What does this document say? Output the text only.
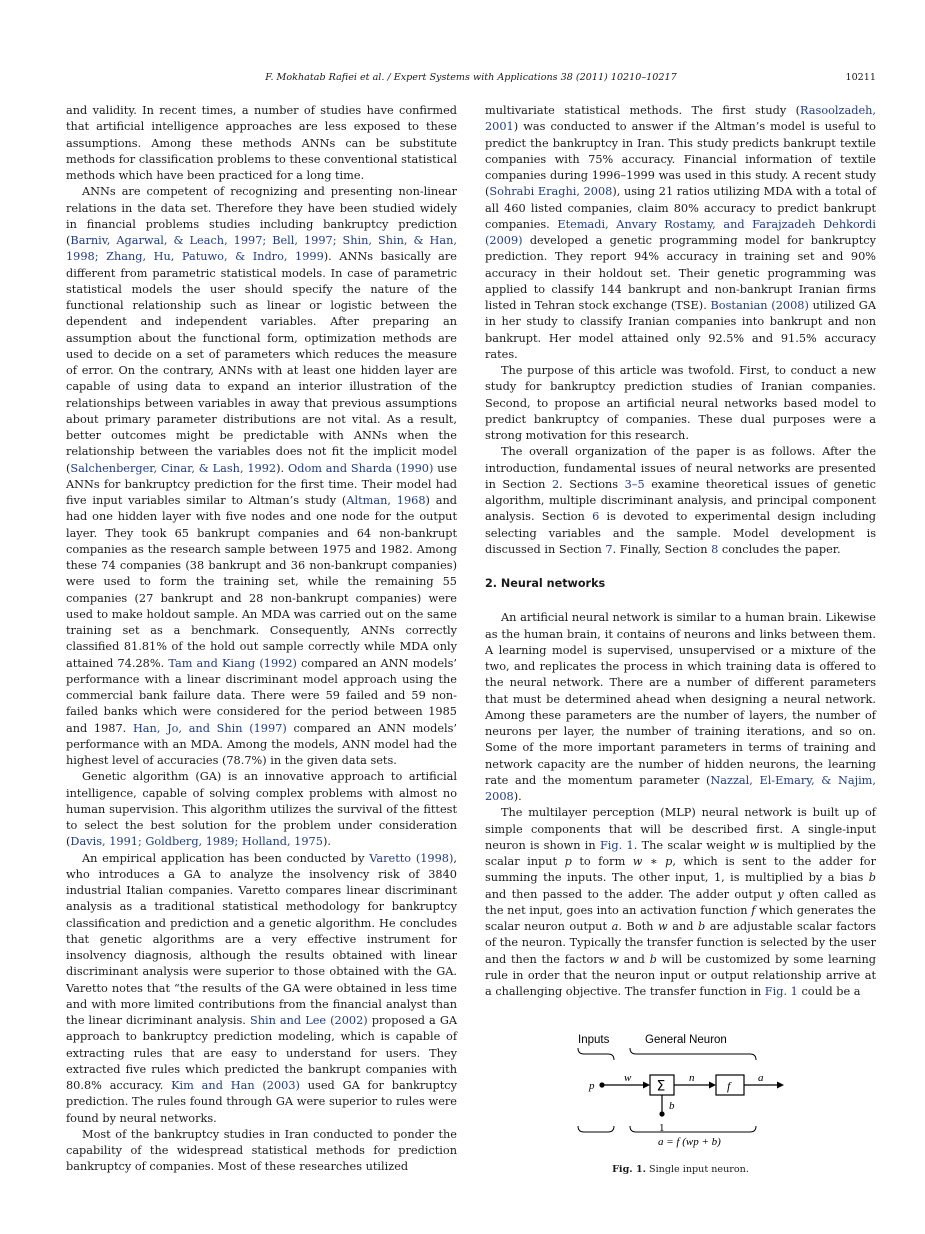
F. Mokhatab Rafiei et al. / Expert Systems with Applications 38 (2011) 10210–10217	10211

and validity. In recent times, a number of studies have confirmed that artificial intelligence approaches are less exposed to these assumptions. Among these methods ANNs can be substitute methods for classification problems to these conventional statistical methods which have been practiced for a long time.

ANNs are competent of recognizing and presenting non-linear relations in the data set. Therefore they have been studied widely in financial problems studies including bankruptcy prediction (Barniv, Agarwal, & Leach, 1997; Bell, 1997; Shin, Shin, & Han, 1998; Zhang, Hu, Patuwo, & Indro, 1999). ANNs basically are different from parametric statistical models. In case of parametric statistical models the user should specify the nature of the functional relationship such as linear or logistic between the dependent and independent variables. After preparing an assumption about the functional form, optimization methods are used to decide on a set of parameters which reduces the measure of error. On the contrary, ANNs with at least one hidden layer are capable of using data to expand an interior illustration of the relationships between variables in away that previous assumptions about primary parameter distributions are not vital. As a result, better outcomes might be predictable with ANNs when the relationship between the variables does not fit the implicit model (Salchenberger, Cinar, & Lash, 1992). Odom and Sharda (1990) use ANNs for bankruptcy prediction for the first time. Their model had five input variables similar to Altman’s study (Altman, 1968) and had one hidden layer with five nodes and one node for the output layer. They took 65 bankrupt companies and 64 non-bankrupt companies as the research sample between 1975 and 1982. Among these 74 companies (38 bankrupt and 36 non-bankrupt companies) were used to form the training set, while the remaining 55 companies (27 bankrupt and 28 non-bankrupt companies) were used to make holdout sample. An MDA was carried out on the same training set as a benchmark. Consequently, ANNs correctly classified 81.81% of the hold out sample correctly while MDA only attained 74.28%. Tam and Kiang (1992) compared an ANN models’ performance with a linear discriminant model approach using the commercial bank failure data. There were 59 failed and 59 non-failed banks which were considered for the period between 1985 and 1987. Han, Jo, and Shin (1997) compared an ANN models’ performance with an MDA. Among the models, ANN model had the highest level of accuracies (78.7%) in the given data sets.

Genetic algorithm (GA) is an innovative approach to artificial intelligence, capable of solving complex problems with almost no human supervision. This algorithm utilizes the survival of the fittest to select the best solution for the problem under consideration (Davis, 1991; Goldberg, 1989; Holland, 1975).

An empirical application has been conducted by Varetto (1998), who introduces a GA to analyze the insolvency risk of 3840 industrial Italian companies. Varetto compares linear discriminant analysis as a traditional statistical methodology for bankruptcy classification and prediction and a genetic algorithm. He concludes that genetic algorithms are a very effective instrument for insolvency diagnosis, although the results obtained with linear discriminant analysis were superior to those obtained with the GA. Varetto notes that “the results of the GA were obtained in less time and with more limited contributions from the financial analyst than the linear dicriminant analysis. Shin and Lee (2002) proposed a GA approach to bankruptcy prediction modeling, which is capable of extracting rules that are easy to understand for users. They extracted five rules which predicted the bankrupt companies with 80.8% accuracy. Kim and Han (2003) used GA for bankruptcy prediction. The rules found through GA were superior to rules were found by neural networks.

Most of the bankruptcy studies in Iran conducted to ponder the capability of the widespread statistical methods for prediction bankruptcy of companies. Most of these researches utilized

multivariate statistical methods. The first study (Rasoolzadeh, 2001) was conducted to answer if the Altman’s model is useful to predict the bankruptcy in Iran. This study predicts bankrupt textile companies with 75% accuracy. Financial information of textile companies during 1996–1999 was used in this study. A recent study (Sohrabi Eraghi, 2008), using 21 ratios utilizing MDA with a total of all 460 listed companies, claim 80% accuracy to predict bankrupt companies. Etemadi, Anvary Rostamy, and Farajzadeh Dehkordi (2009) developed a genetic programming model for bankruptcy prediction. They report 94% accuracy in training set and 90% accuracy in their holdout set. Their genetic programming was applied to classify 144 bankrupt and non-bankrupt Iranian firms listed in Tehran stock exchange (TSE). Bostanian (2008) utilized GA in her study to classify Iranian companies into bankrupt and non bankrupt. Her model attained only 92.5% and 91.5% accuracy rates.

The purpose of this article was twofold. First, to conduct a new study for bankruptcy prediction studies of Iranian companies. Second, to propose an artificial neural networks based model to predict bankruptcy of companies. These dual purposes were a strong motivation for this research.

The overall organization of the paper is as follows. After the introduction, fundamental issues of neural networks are presented in Section 2. Sections 3–5 examine theoretical issues of genetic algorithm, multiple discriminant analysis, and principal component analysis. Section 6 is devoted to experimental design including selecting variables and the sample. Model development is discussed in Section 7. Finally, Section 8 concludes the paper.

2. Neural networks

An artificial neural network is similar to a human brain. Likewise as the human brain, it contains of neurons and links between them. A learning model is supervised, unsupervised or a mixture of the two, and replicates the process in which training data is offered to the neural network. There are a number of different parameters that must be determined ahead when designing a neural network. Among these parameters are the number of layers, the number of neurons per layer, the number of training iterations, and so on. Some of the more important parameters in terms of training and network capacity are the number of hidden neurons, the learning rate and the momentum parameter (Nazzal, El-Emary, & Najim, 2008).

The multilayer perception (MLP) neural network is built up of simple components that will be described first. A single-input neuron is shown in Fig. 1. The scalar weight w is multiplied by the scalar input p to form w ∗ p, which is sent to the adder for summing the inputs. The other input, 1, is multiplied by a bias b and then passed to the adder. The adder output y often called as the net input, goes into an activation function f which generates the scalar neuron output a. Both w and b are adjustable scalar factors of the neuron. Typically the transfer function is selected by the user and then the factors w and b will be customized by some learning rule in order that the neuron input or output relationship arrive at a challenging objective. The transfer function in Fig. 1 could be a

Inputs	General Neuron
p
w
Σ
n
f
a
b
1
a = f (wp + b)
Fig. 1. Single input neuron.
